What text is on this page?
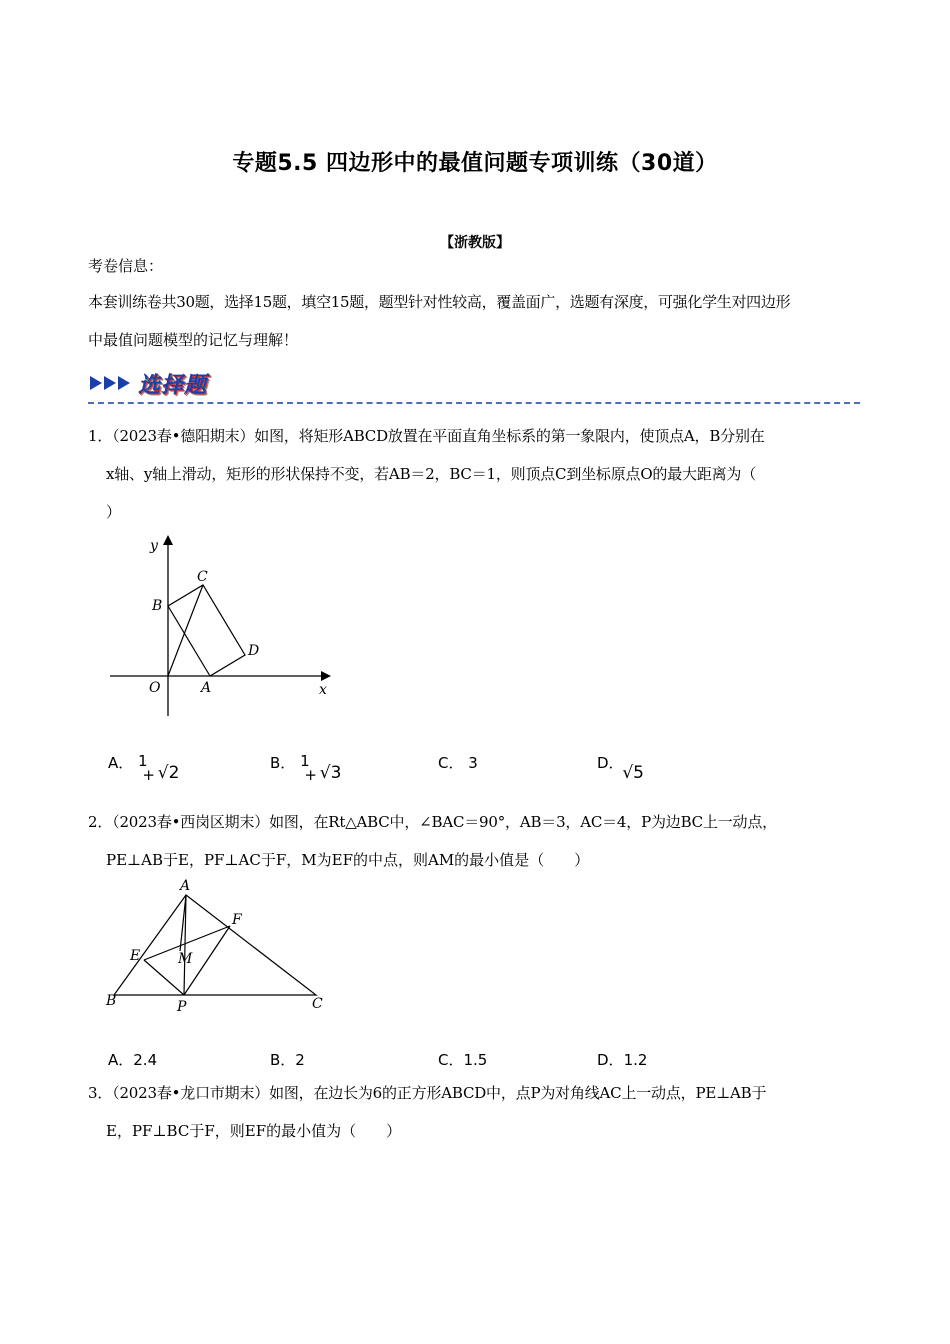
专题5.5 四边形中的最值问题专项训练（30道）
【浙教版】
考卷信息：
本套训练卷共30题，选择15题，填空15题，题型针对性较高，覆盖面广，选题有深度，可强化学生对四边形
中最值问题模型的记忆与理解！
选择题
1．（2023春•德阳期末）如图，将矩形ABCD放置在平面直角坐标系的第一象限内，使顶点A，B分别在
x轴、y轴上滑动，矩形的形状保持不变，若AB＝2，BC＝1，则顶点C到坐标原点O的最大距离为（
）
y
x
O	A
B
C
D
A． 1 + √2	B． 1 + √3	C． 3	D． √5
2．（2023春•西岗区期末）如图，在Rt△ABC中，∠BAC＝90°，AB＝3，AC＝4，P为边BC上一动点，
PE⊥AB于E，PF⊥AC于F，M为EF的中点，则AM的最小值是（　　）
A
B	C
E
F
M
P
A．2.4	B．2	C．1.5	D．1.2
3．（2023春•龙口市期末）如图，在边长为6的正方形ABCD中，点P为对角线AC上一动点，PE⊥AB于
E，PF⊥BC于F，则EF的最小值为（　　）
